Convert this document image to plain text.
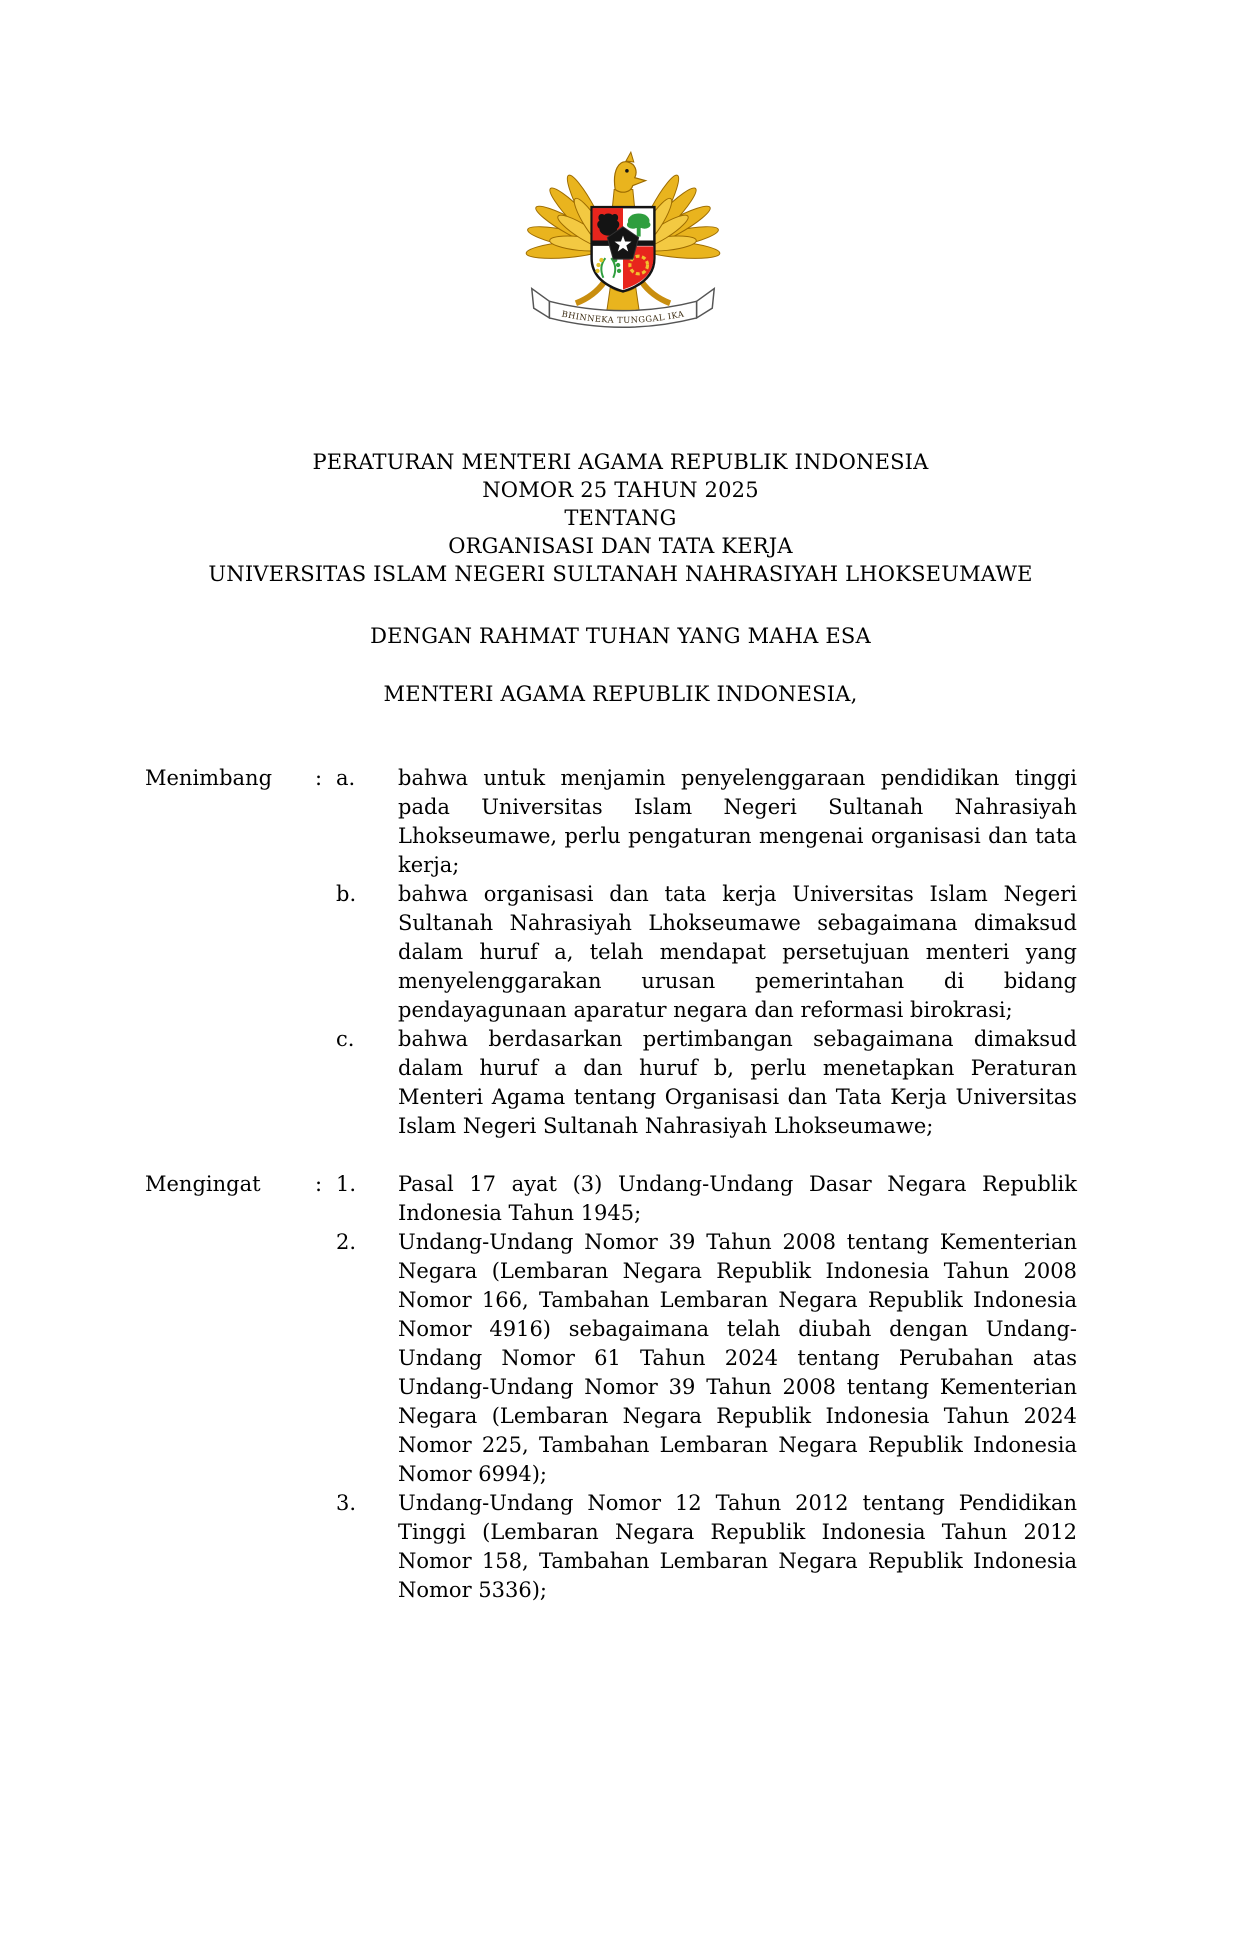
BHINNEKA TUNGGAL IKA
PERATURAN MENTERI AGAMA REPUBLIK INDONESIA
NOMOR 25 TAHUN 2025
TENTANG
ORGANISASI DAN TATA KERJA
UNIVERSITAS ISLAM NEGERI SULTANAH NAHRASIYAH LHOKSEUMAWE
DENGAN RAHMAT TUHAN YANG MAHA ESA
MENTERI AGAMA REPUBLIK INDONESIA,
Menimbang	: a.	bahwa untuk menjamin penyelenggaraan pendidikan tinggi pada Universitas Islam Negeri Sultanah Nahrasiyah Lhokseumawe, perlu pengaturan mengenai organisasi dan tata kerja;
b.	bahwa organisasi dan tata kerja Universitas Islam Negeri Sultanah Nahrasiyah Lhokseumawe sebagaimana dimaksud dalam huruf a, telah mendapat persetujuan menteri yang menyelenggarakan urusan pemerintahan di bidang pendayagunaan aparatur negara dan reformasi birokrasi;
c.	bahwa berdasarkan pertimbangan sebagaimana dimaksud dalam huruf a dan huruf b, perlu menetapkan Peraturan Menteri Agama tentang Organisasi dan Tata Kerja Universitas Islam Negeri Sultanah Nahrasiyah Lhokseumawe;
Mengingat	: 1.	Pasal 17 ayat (3) Undang-Undang Dasar Negara Republik Indonesia Tahun 1945;
2.	Undang-Undang Nomor 39 Tahun 2008 tentang Kementerian Negara (Lembaran Negara Republik Indonesia Tahun 2008 Nomor 166, Tambahan Lembaran Negara Republik Indonesia Nomor 4916) sebagaimana telah diubah dengan Undang-Undang Nomor 61 Tahun 2024 tentang Perubahan atas Undang-Undang Nomor 39 Tahun 2008 tentang Kementerian Negara (Lembaran Negara Republik Indonesia Tahun 2024 Nomor 225, Tambahan Lembaran Negara Republik Indonesia Nomor 6994);
3.	Undang-Undang Nomor 12 Tahun 2012 tentang Pendidikan Tinggi (Lembaran Negara Republik Indonesia Tahun 2012 Nomor 158, Tambahan Lembaran Negara Republik Indonesia Nomor 5336);
